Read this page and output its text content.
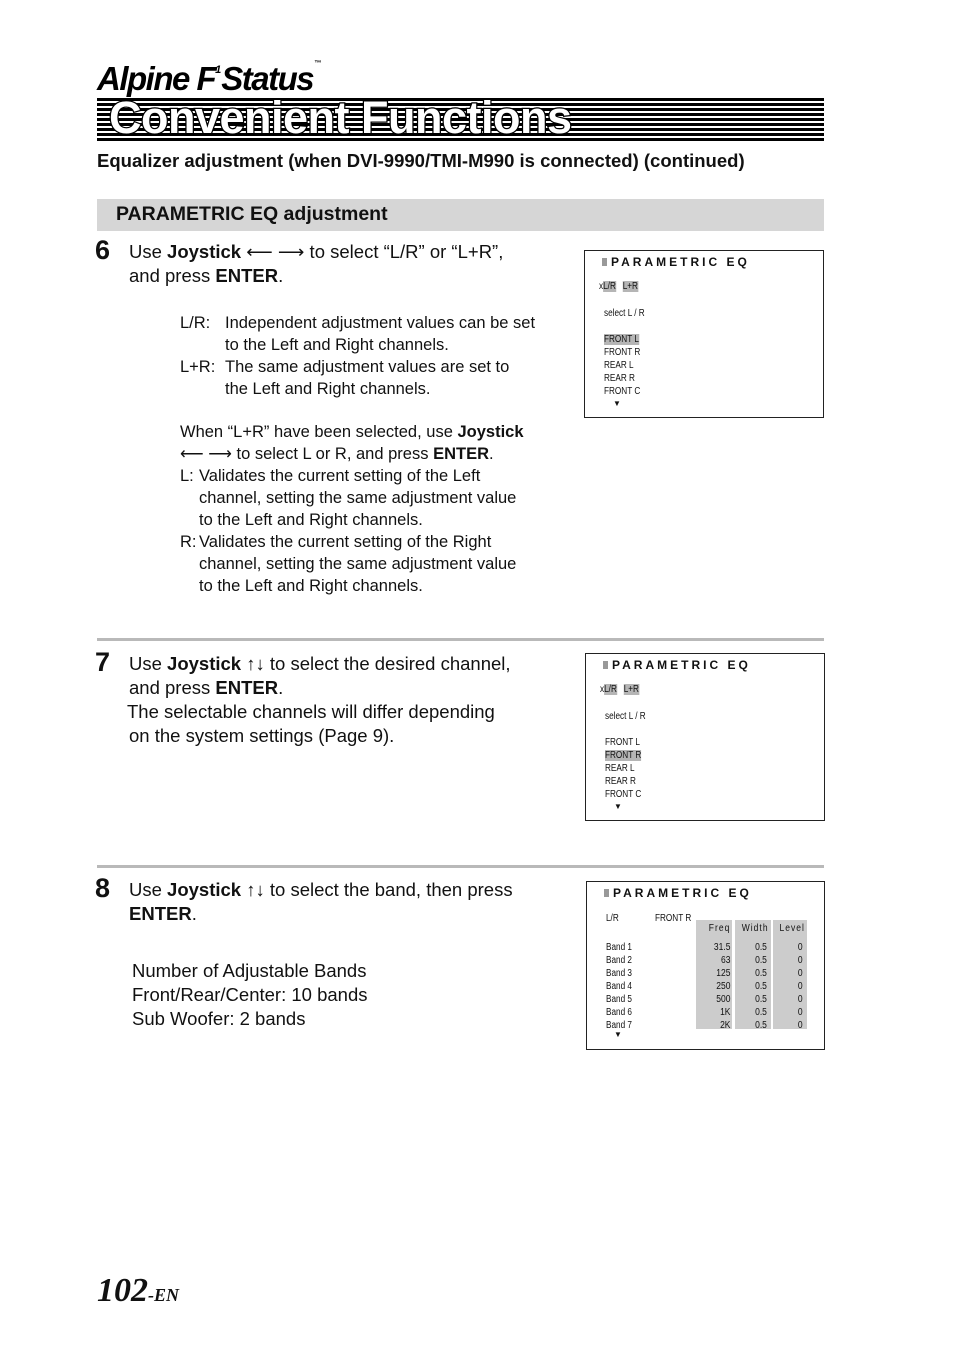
Alpine $F^1Status™$
Convenient Functions
Equalizer adjustment (when DVI-9990/TMI-M990 is connected) (continued)
PARAMETRIC EQ adjustment
6 Use Joystick ⟵ ⟶ to select “L/R” or “L+R”,
and press ENTER.
L/R: Independent adjustment values can be set
to the Left and Right channels.
L+R: The same adjustment values are set to
the Left and Right channels.
When “L+R” have been selected, use Joystick
⟵ ⟶ to select L or R, and press ENTER.
L: Validates the current setting of the Left
channel, setting the same adjustment value
to the Left and Right channels.
R: Validates the current setting of the Right
channel, setting the same adjustment value
to the Left and Right channels.
PARAMETRIC EQ
xL/R L+R
select L / R
FRONT L
FRONT R
REAR L
REAR R
FRONT C
▼
7 Use Joystick ↑↓ to select the desired channel,
and press ENTER.
The selectable channels will differ depending
on the system settings (Page 9).
PARAMETRIC EQ
xL/R L+R
select L / R
FRONT L
FRONT R
REAR L
REAR R
FRONT C
▼
8 Use Joystick ↑↓ to select the band, then press
ENTER.
Number of Adjustable Bands
Front/Rear/Center: 10 bands
Sub Woofer: 2 bands
PARAMETRIC EQ
L/R	FRONT R
Freq
31.5
63
125
250
500
1K
2K
Width
0.5
0.5
0.5
0.5
0.5
0.5
0.5
Level
0
0
0
0
0
0
0
Band 1
Band 2
Band 3
Band 4
Band 5
Band 6
Band 7
▼
102-EN
